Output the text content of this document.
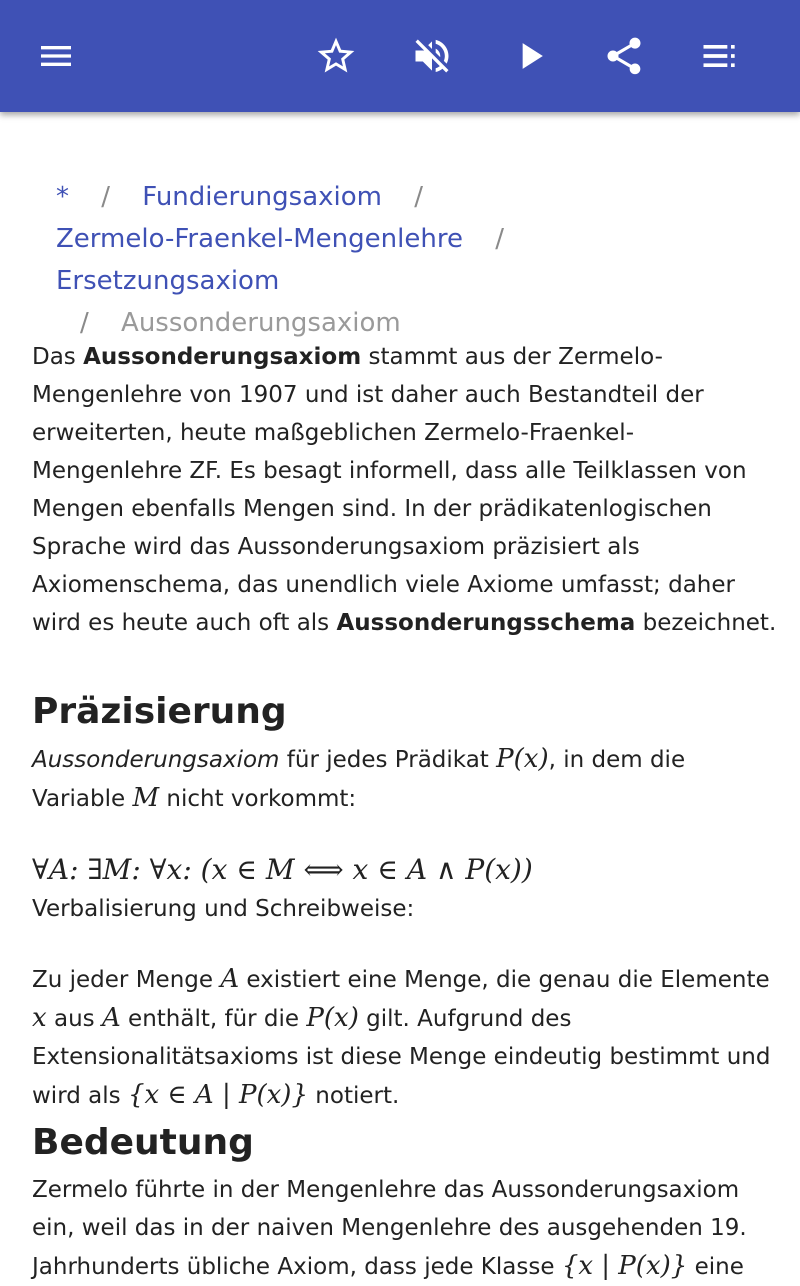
* / Fundierungsaxiom /
Zermelo-Fraenkel-Mengenlehre / Ersetzungsaxiom
/ Aussonderungsaxiom

Das Aussonderungsaxiom stammt aus der Zermelo-Mengenlehre von 1907 und ist daher auch Bestandteil der erweiterten, heute maßgeblichen Zermelo-Fraenkel-Mengenlehre ZF. Es besagt informell, dass alle Teilklassen von Mengen ebenfalls Mengen sind. In der prädikatenlogischen Sprache wird das Aussonderungsaxiom präzisiert als Axiomenschema, das unendlich viele Axiome umfasst; daher wird es heute auch oft als Aussonderungsschema bezeichnet.

Präzisierung

Aussonderungsaxiom für jedes Prädikat P(x), in dem die Variable M nicht vorkommt:

∀A: ∃M: ∀x: (x ∈ M ⟺ x ∈ A ∧ P(x))

Verbalisierung und Schreibweise:

Zu jeder Menge A existiert eine Menge, die genau die Elemente x aus A enthält, für die P(x) gilt. Aufgrund des Extensionalitätsaxioms ist diese Menge eindeutig bestimmt und wird als {x ∈ A | P(x)} notiert.

Bedeutung

Zermelo führte in der Mengenlehre das Aussonderungsaxiom ein, weil das in der naiven Mengenlehre des ausgehenden 19. Jahrhunderts übliche Axiom, dass jede Klasse {x | P(x)} eine
